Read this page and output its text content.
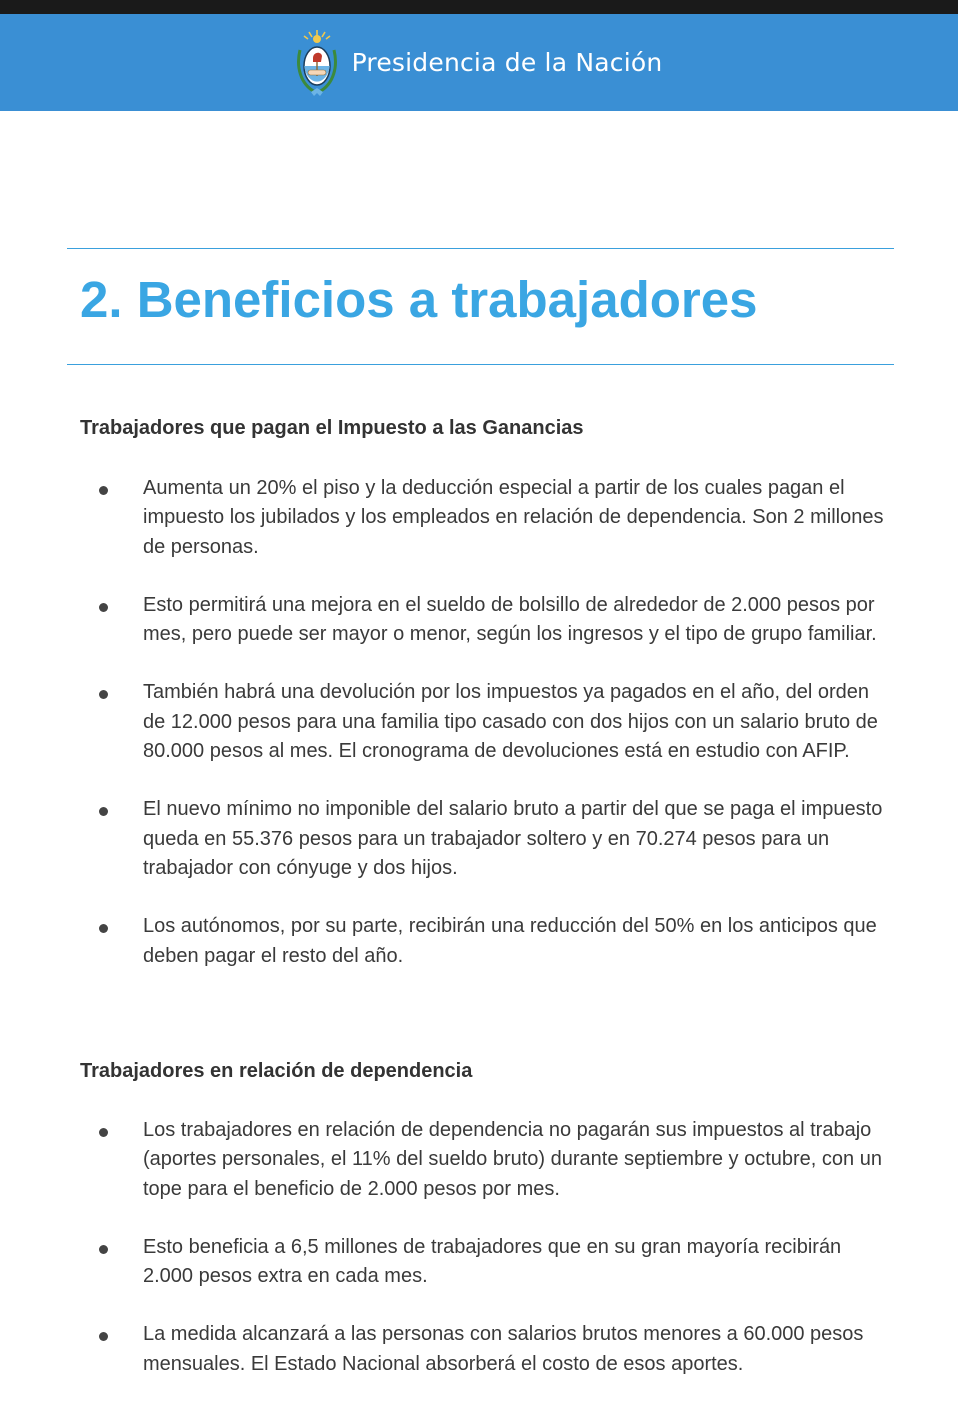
Presidencia de la Nación
2. Beneficios a trabajadores
Trabajadores que pagan el Impuesto a las Ganancias
Aumenta un 20% el piso y la deducción especial a partir de los cuales pagan el impuesto los jubilados y los empleados en relación de dependencia. Son 2 millones de personas.
Esto permitirá una mejora en el sueldo de bolsillo de alrededor de 2.000 pesos por mes, pero puede ser mayor o menor, según los ingresos y el tipo de grupo familiar.
También habrá una devolución por los impuestos ya pagados en el año, del orden de 12.000 pesos para una familia tipo casado con dos hijos con un salario bruto de 80.000 pesos al mes. El cronograma de devoluciones está en estudio con AFIP.
El nuevo mínimo no imponible del salario bruto a partir del que se paga el impuesto queda en 55.376 pesos para un trabajador soltero y en 70.274 pesos para un trabajador con cónyuge y dos hijos.
Los autónomos, por su parte, recibirán una reducción del 50% en los anticipos que deben pagar el resto del año.
Trabajadores en relación de dependencia
Los trabajadores en relación de dependencia no pagarán sus impuestos al trabajo (aportes personales, el 11% del sueldo bruto) durante septiembre y octubre, con un tope para el beneficio de 2.000 pesos por mes.
Esto beneficia a 6,5 millones de trabajadores que en su gran mayoría recibirán 2.000 pesos extra en cada mes.
La medida alcanzará a las personas con salarios brutos menores a 60.000 pesos mensuales. El Estado Nacional absorberá el costo de esos aportes.
